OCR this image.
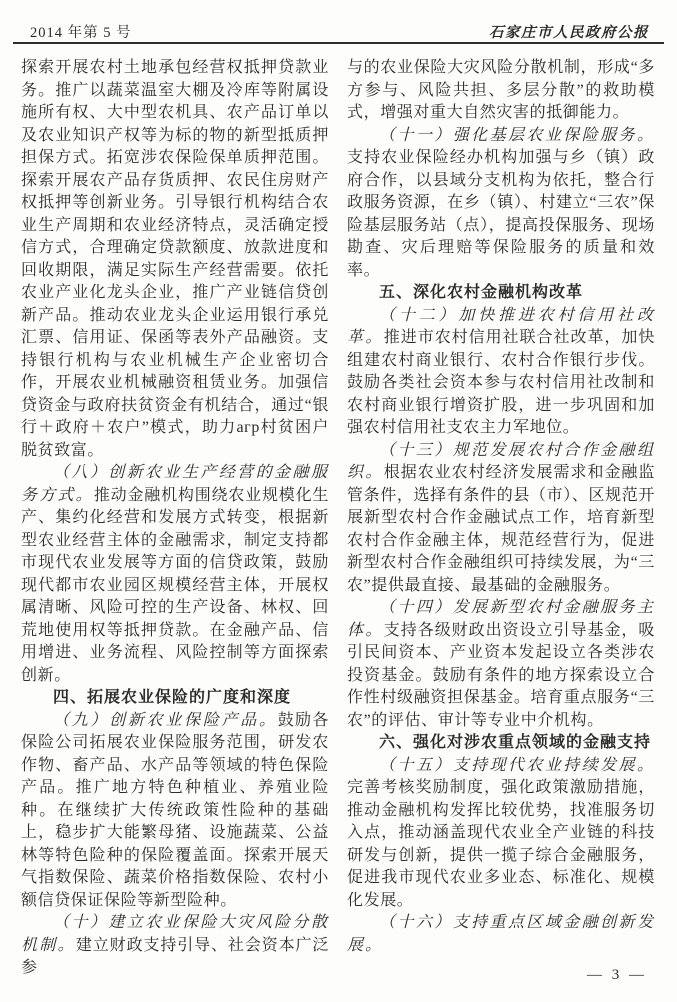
2014 年第 5 号	石家庄市人民政府公报
探索开展农村土地承包经营权抵押贷款业务。推广以蔬菜温室大棚及冷库等附属设施所有权、大中型农机具、农产品订单以及农业知识产权等为标的物的新型抵质押担保方式。拓宽涉农保险保单质押范围。探索开展农产品存货质押、农民住房财产权抵押等创新业务。引导银行机构结合农业生产周期和农业经济特点，灵活确定授信方式，合理确定贷款额度、放款进度和回收期限，满足实际生产经营需要。依托农业产业化龙头企业，推广产业链信贷创新产品。推动农业龙头企业运用银行承兑汇票、信用证、保函等表外产品融资。支持银行机构与农业机械生产企业密切合作，开展农业机械融资租赁业务。加强信贷资金与政府扶贫资金有机结合，通过“银行＋政府＋农户”模式，助力агр村贫困户脱贫致富。
（八）创新农业生产经营的金融服务方式。推动金融机构围绕农业规模化生产、集约化经营和发展方式转变，根据新型农业经营主体的金融需求，制定支持都市现代农业发展等方面的信贷政策，鼓励现代都市农业园区规模经营主体，开展权属清晰、风险可控的生产设备、林权、回荒地使用权等抵押贷款。在金融产品、信用增进、业务流程、风险控制等方面探索创新。
四、拓展农业保险的广度和深度
（九）创新农业保险产品。鼓励各保险公司拓展农业保险服务范围，研发农作物、畜产品、水产品等领域的特色保险产品。推广地方特色种植业、养殖业险种。在继续扩大传统政策性险种的基础上，稳步扩大能繁母猪、设施蔬菜、公益林等特色险种的保险覆盖面。探索开展天气指数保险、蔬菜价格指数保险、农村小额信贷保证保险等新型险种。
（十）建立农业保险大灾风险分散机制。建立财政支持引导、社会资本广泛参
与的农业保险大灾风险分散机制，形成“多方参与、风险共担、多层分散”的救助模式，增强对重大自然灾害的抵御能力。
（十一）强化基层农业保险服务。支持农业保险经办机构加强与乡（镇）政府合作，以县域分支机构为依托，整合行政服务资源，在乡（镇）、村建立“三农”保险基层服务站（点），提高投保服务、现场勘查、灾后理赔等保险服务的质量和效率。
五、深化农村金融机构改革
（十二）加快推进农村信用社改革。推进市农村信用社联合社改革，加快组建农村商业银行、农村合作银行步伐。鼓励各类社会资本参与农村信用社改制和农村商业银行增资扩股，进一步巩固和加强农村信用社支农主力军地位。
（十三）规范发展农村合作金融组织。根据农业农村经济发展需求和金融监管条件，选择有条件的县（市）、区规范开展新型农村合作金融试点工作，培育新型农村合作金融主体，规范经营行为，促进新型农村合作金融组织可持续发展，为“三农”提供最直接、最基础的金融服务。
（十四）发展新型农村金融服务主体。支持各级财政出资设立引导基金，吸引民间资本、产业资本发起设立各类涉农投资基金。鼓励有条件的地方探索设立合作性村级融资担保基金。培育重点服务“三农”的评估、审计等专业中介机构。
六、强化对涉农重点领域的金融支持
（十五）支持现代农业持续发展。完善考核奖励制度，强化政策激励措施，推动金融机构发挥比较优势，找准服务切入点，推动涵盖现代农业全产业链的科技研发与创新，提供一揽子综合金融服务，促进我市现代农业多业态、标准化、规模化发展。
（十六）支持重点区域金融创新发展。
— 3 —
